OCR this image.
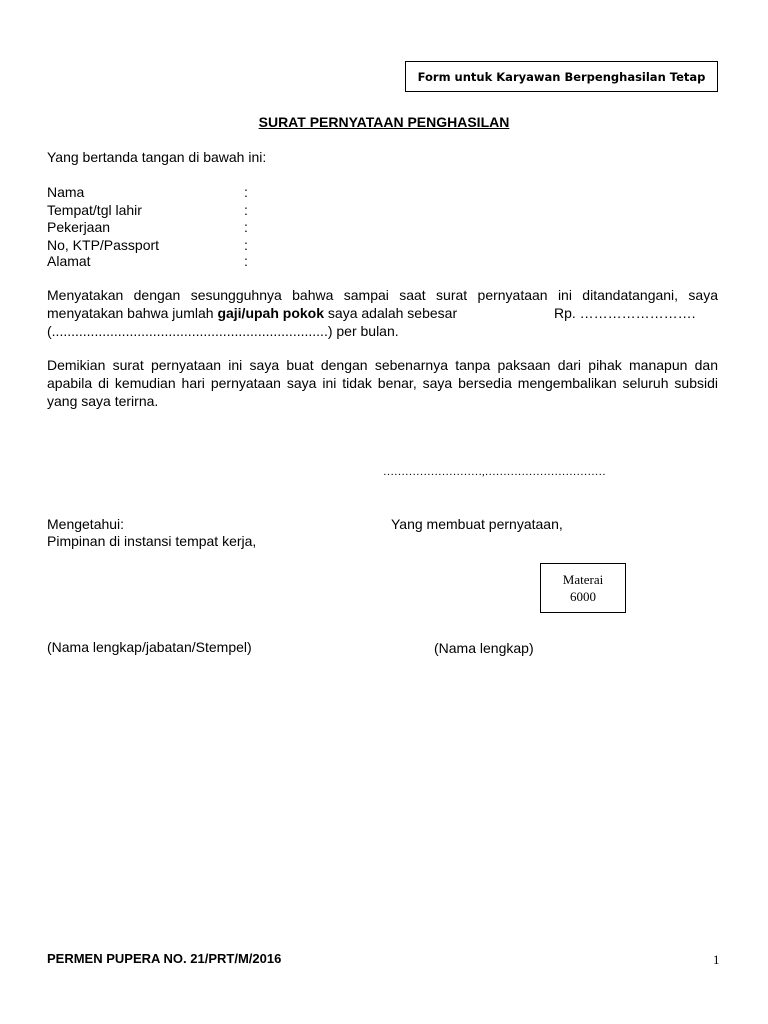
Form untuk Karyawan Berpenghasilan Tetap
SURAT PERNYATAAN PENGHASILAN
Yang bertanda tangan di bawah ini:
Nama	:
Tempat/tgl lahir	:
Pekerjaan	:
No, KTP/Passport	:
Alamat	:
Menyatakan dengan sesungguhnya bahwa sampai saat surat pernyataan ini ditandatangani, saya
menyatakan bahwa jumlah gaji/upah pokok saya adalah sebesar	Rp. …………………….
(.......................................................................) per bulan.
Demikian surat pernyataan ini saya buat dengan sebenarnya tanpa paksaan dari pihak manapun dan
apabila di kemudian hari pernyataan saya ini tidak benar, saya bersedia mengembalikan seluruh subsidi
yang saya terirna.
………………………,……………………………
Mengetahui:
Pimpinan di instansi tempat kerja,
Yang membuat pernyataan,
Materai
6000
(Nama lengkap/jabatan/Stempel)	(Nama lengkap)
PERMEN PUPERA NO. 21/PRT/M/2016	1
